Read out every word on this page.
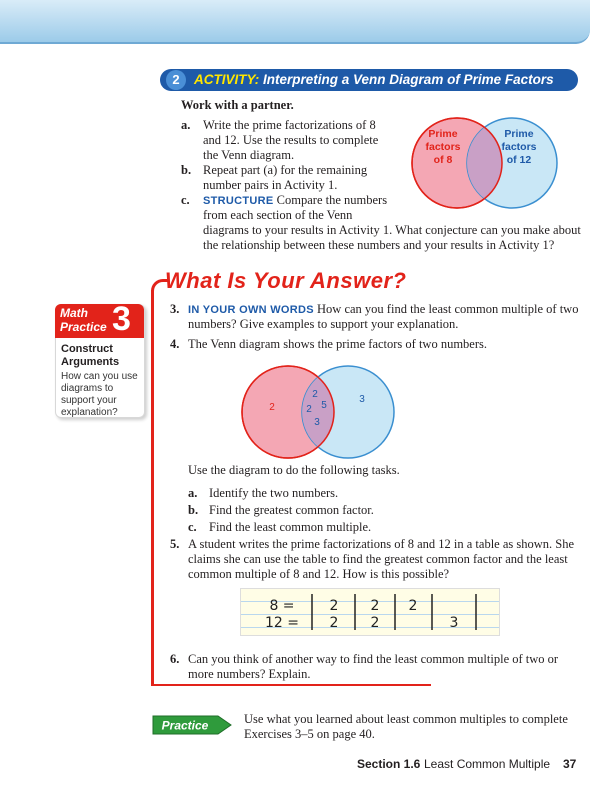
2	ACTIVITY: Interpreting a Venn Diagram of Prime Factors
Work with a partner.
a. Write the prime factorizations of 8
and 12. Use the results to complete
the Venn diagram.
b. Repeat part (a) for the remaining
number pairs in Activity 1.
c. STRUCTURE Compare the numbers
from each section of the Venn
diagrams to your results in Activity 1. What conjecture can you make about
the relationship between these numbers and your results in Activity 1?
Prime
factors
of 8
Prime
factors
of 12
What Is Your Answer?
Math Practice 3
Construct Arguments
How can you use diagrams to support your explanation?
3. IN YOUR OWN WORDS How can you find the least common multiple of two
numbers? Give examples to support your explanation.
4. The Venn diagram shows the prime factors of two numbers.
2
2
2 5
3
3
Use the diagram to do the following tasks.
a. Identify the two numbers.
b. Find the greatest common factor.
c. Find the least common multiple.
5. A student writes the prime factorizations of 8 and 12 in a table as shown. She
claims she can use the table to find the greatest common factor and the least
common multiple of 8 and 12. How is this possible?
8 = 2 2 2
12 = 2 2	3
6. Can you think of another way to find the least common multiple of two or
more numbers? Explain.
Practice	Use what you learned about least common multiples to complete
Exercises 3–5 on page 40.
Section 1.6 Least Common Multiple 37
